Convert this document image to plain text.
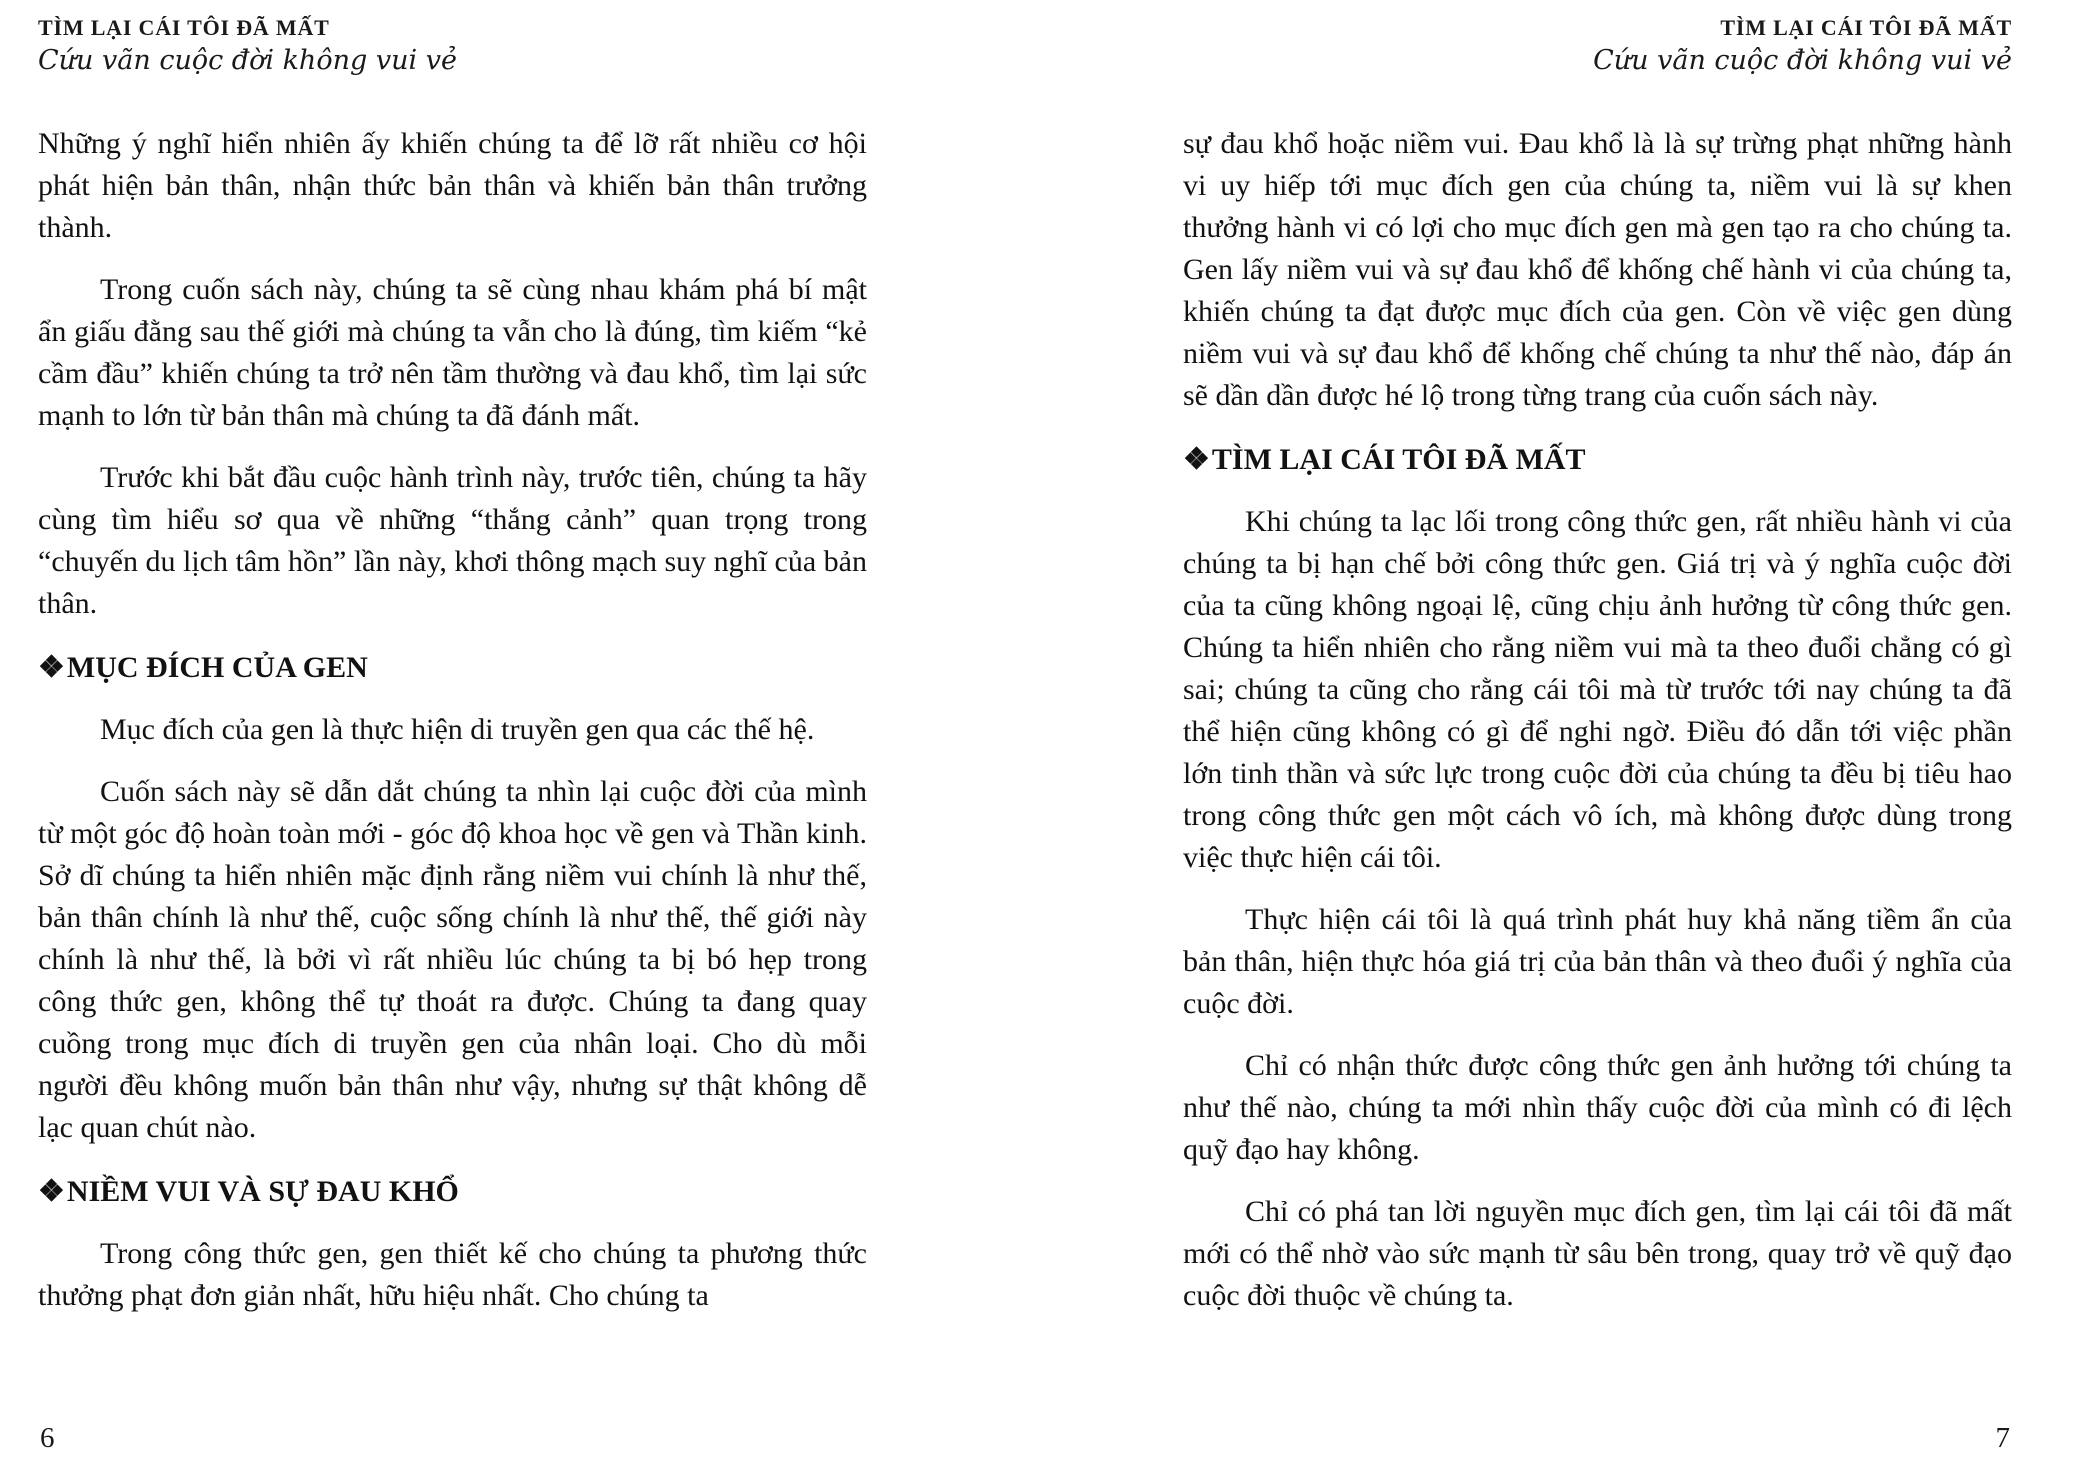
TÌM LẠI CÁI TÔI ĐÃ MẤT
Cứu vãn cuộc đời không vui vẻ

Những ý nghĩ hiển nhiên ấy khiến chúng ta để lỡ rất nhiều cơ hội phát hiện bản thân, nhận thức bản thân và khiến bản thân trưởng thành.

Trong cuốn sách này, chúng ta sẽ cùng nhau khám phá bí mật ẩn giấu đằng sau thế giới mà chúng ta vẫn cho là đúng, tìm kiếm “kẻ cầm đầu” khiến chúng ta trở nên tầm thường và đau khổ, tìm lại sức mạnh to lớn từ bản thân mà chúng ta đã đánh mất.

Trước khi bắt đầu cuộc hành trình này, trước tiên, chúng ta hãy cùng tìm hiểu sơ qua về những “thắng cảnh” quan trọng trong “chuyến du lịch tâm hồn” lần này, khơi thông mạch suy nghĩ của bản thân.

❖MỤC ĐÍCH CỦA GEN

Mục đích của gen là thực hiện di truyền gen qua các thế hệ.

Cuốn sách này sẽ dẫn dắt chúng ta nhìn lại cuộc đời của mình từ một góc độ hoàn toàn mới - góc độ khoa học về gen và Thần kinh. Sở dĩ chúng ta hiển nhiên mặc định rằng niềm vui chính là như thế, bản thân chính là như thế, cuộc sống chính là như thế, thế giới này chính là như thế, là bởi vì rất nhiều lúc chúng ta bị bó hẹp trong công thức gen, không thể tự thoát ra được. Chúng ta đang quay cuồng trong mục đích di truyền gen của nhân loại. Cho dù mỗi người đều không muốn bản thân như vậy, nhưng sự thật không dễ lạc quan chút nào.

❖NIỀM VUI VÀ SỰ ĐAU KHỔ

Trong công thức gen, gen thiết kế cho chúng ta phương thức thưởng phạt đơn giản nhất, hữu hiệu nhất. Cho chúng ta

6
TÌM LẠI CÁI TÔI ĐÃ MẤT
Cứu vãn cuộc đời không vui vẻ

sự đau khổ hoặc niềm vui. Đau khổ là là sự trừng phạt những hành vi uy hiếp tới mục đích gen của chúng ta, niềm vui là sự khen thưởng hành vi có lợi cho mục đích gen mà gen tạo ra cho chúng ta. Gen lấy niềm vui và sự đau khổ để khống chế hành vi của chúng ta, khiến chúng ta đạt được mục đích của gen. Còn về việc gen dùng niềm vui và sự đau khổ để khống chế chúng ta như thế nào, đáp án sẽ dần dần được hé lộ trong từng trang của cuốn sách này.

❖TÌM LẠI CÁI TÔI ĐÃ MẤT

Khi chúng ta lạc lối trong công thức gen, rất nhiều hành vi của chúng ta bị hạn chế bởi công thức gen. Giá trị và ý nghĩa cuộc đời của ta cũng không ngoại lệ, cũng chịu ảnh hưởng từ công thức gen. Chúng ta hiển nhiên cho rằng niềm vui mà ta theo đuổi chẳng có gì sai; chúng ta cũng cho rằng cái tôi mà từ trước tới nay chúng ta đã thể hiện cũng không có gì để nghi ngờ. Điều đó dẫn tới việc phần lớn tinh thần và sức lực trong cuộc đời của chúng ta đều bị tiêu hao trong công thức gen một cách vô ích, mà không được dùng trong việc thực hiện cái tôi.

Thực hiện cái tôi là quá trình phát huy khả năng tiềm ẩn của bản thân, hiện thực hóa giá trị của bản thân và theo đuổi ý nghĩa của cuộc đời.

Chỉ có nhận thức được công thức gen ảnh hưởng tới chúng ta như thế nào, chúng ta mới nhìn thấy cuộc đời của mình có đi lệch quỹ đạo hay không.

Chỉ có phá tan lời nguyền mục đích gen, tìm lại cái tôi đã mất mới có thể nhờ vào sức mạnh từ sâu bên trong, quay trở về quỹ đạo cuộc đời thuộc về chúng ta.

7
